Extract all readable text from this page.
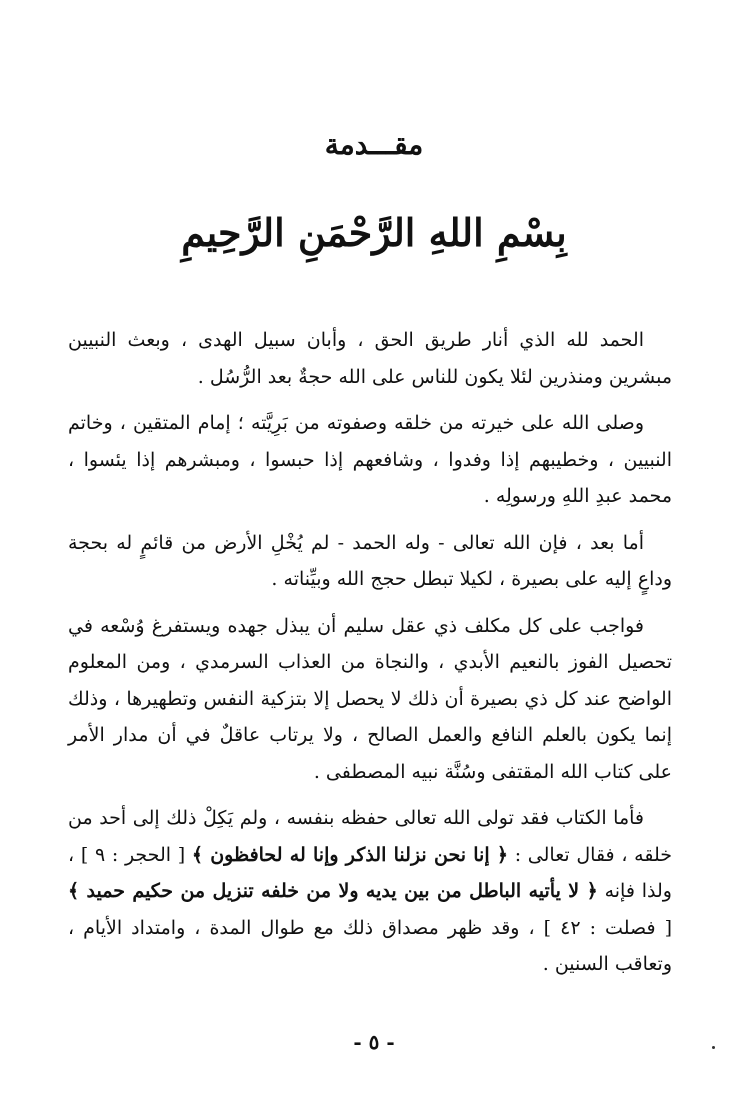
مقـــدمة
بِسْمِ اللهِ الرَّحْمَنِ الرَّحِيمِ

الحمد لله الذي أنار طريق الحق ، وأبان سبيل الهدى ، وبعث النبيين مبشرين ومنذرين لئلا يكون للناس على الله حجةٌ بعد الرُّسُل .

وصلى الله على خيرته من خلقه وصفوته من بَرِيَّته ؛ إمام المتقين ، وخاتم النبيين ، وخطيبهم إذا وفدوا ، وشافعهم إذا حبسوا ، ومبشرهم إذا يئسوا ، محمد عبدِ اللهِ ورسولِه .

أما بعد ، فإن الله تعالى - وله الحمد - لم يُخْلِ الأرض من قائمٍ له بحجة وداعٍ إليه على بصيرة ، لكيلا تبطل حجج الله وبيِّناته .

فواجب على كل مكلف ذي عقل سليم أن يبذل جهده ويستفرغ وُسْعه في تحصيل الفوز بالنعيم الأبدي ، والنجاة من العذاب السرمدي ، ومن المعلوم الواضح عند كل ذي بصيرة أن ذلك لا يحصل إلا بتزكية النفس وتطهيرها ، وذلك إنما يكون بالعلم النافع والعمل الصالح ، ولا يرتاب عاقلٌ في أن مدار الأمر على كتاب الله المقتفى وسُنَّة نبيه المصطفى .

فأما الكتاب فقد تولى الله تعالى حفظه بنفسه ، ولم يَكِلْ ذلك إلى أحد من خلقه ، فقال تعالى : ﴿ إنا نحن نزلنا الذكر وإنا له لحافظون ﴾ [ الحجر : ٩ ] ، ولذا فإنه ﴿ لا يأتيه الباطل من بين يديه ولا من خلفه تنزيل من حكيم حميد ﴾ [ فصلت : ٤٢ ] ، وقد ظهر مصداق ذلك مع طوال المدة ، وامتداد الأيام ، وتعاقب السنين .

- ٥ -
